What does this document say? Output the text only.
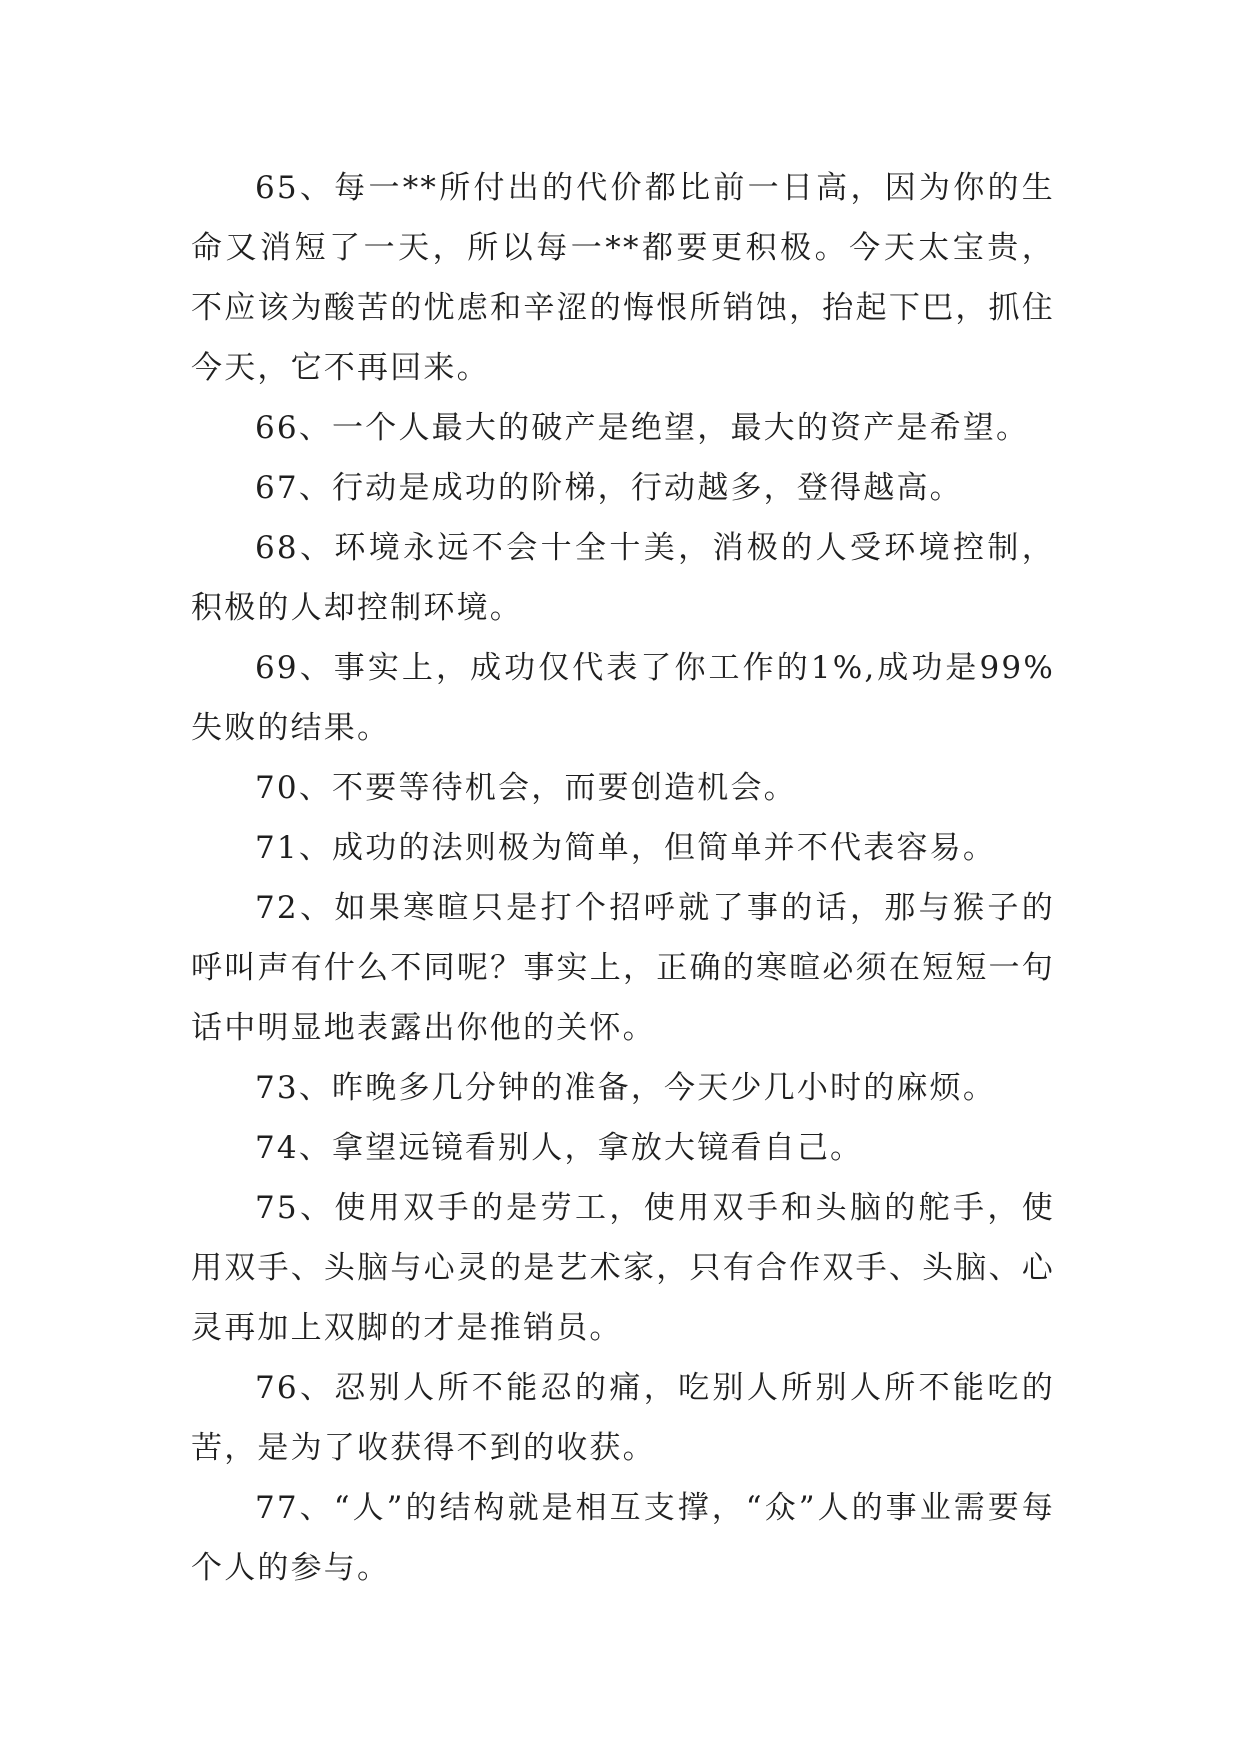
65、每一**所付出的代价都比前一日高，因为你的生命又消短了一天，所以每一**都要更积极。今天太宝贵，不应该为酸苦的忧虑和辛涩的悔恨所销蚀，抬起下巴，抓住今天，它不再回来。

66、一个人最大的破产是绝望，最大的资产是希望。

67、行动是成功的阶梯，行动越多，登得越高。

68、环境永远不会十全十美，消极的人受环境控制，积极的人却控制环境。

69、事实上，成功仅代表了你工作的1%,成功是99%失败的结果。

70、不要等待机会，而要创造机会。

71、成功的法则极为简单，但简单并不代表容易。

72、如果寒暄只是打个招呼就了事的话，那与猴子的呼叫声有什么不同呢？事实上，正确的寒暄必须在短短一句话中明显地表露出你他的关怀。

73、昨晚多几分钟的准备，今天少几小时的麻烦。

74、拿望远镜看别人，拿放大镜看自己。

75、使用双手的是劳工，使用双手和头脑的舵手，使用双手、头脑与心灵的是艺术家，只有合作双手、头脑、心灵再加上双脚的才是推销员。

76、忍别人所不能忍的痛，吃别人所别人所不能吃的苦，是为了收获得不到的收获。

77、“人”的结构就是相互支撑，“众”人的事业需要每个人的参与。
